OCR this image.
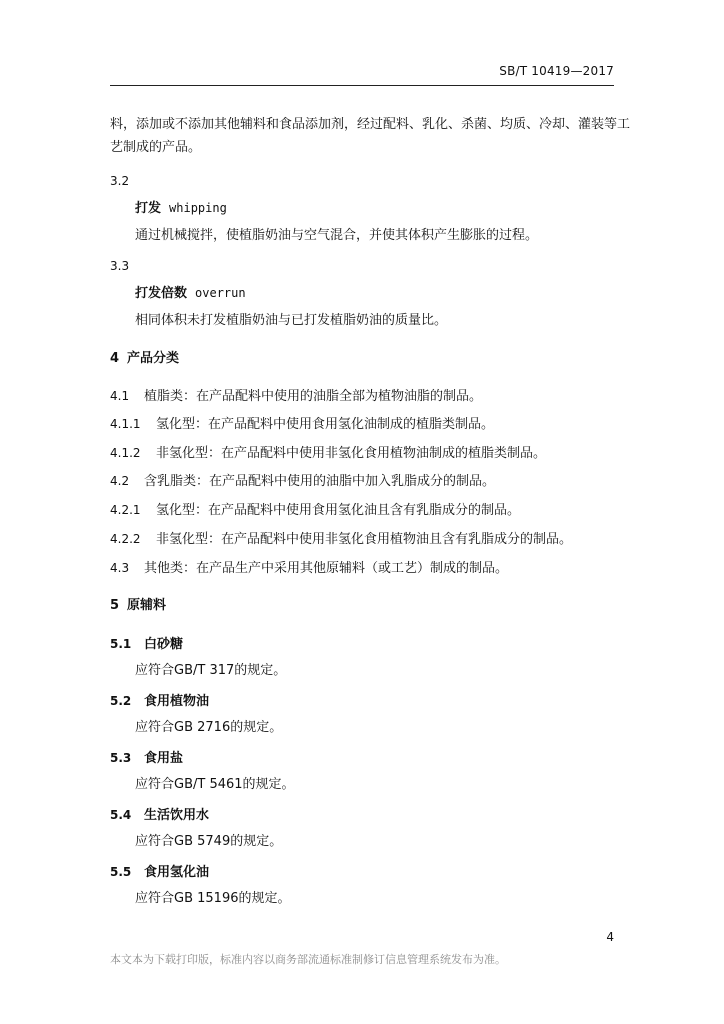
SB/T 10419—2017
料，添加或不添加其他辅料和食品添加剂，经过配料、乳化、杀菌、均质、冷却、灌装等工
艺制成的产品。
3.2
打发 whipping
通过机械搅拌，使植脂奶油与空气混合，并使其体积产生膨胀的过程。
3.3
打发倍数 overrun
相同体积未打发植脂奶油与已打发植脂奶油的质量比。
4 产品分类
4.1 植脂类：在产品配料中使用的油脂全部为植物油脂的制品。
4.1.1 氢化型：在产品配料中使用食用氢化油制成的植脂类制品。
4.1.2 非氢化型：在产品配料中使用非氢化食用植物油制成的植脂类制品。
4.2 含乳脂类：在产品配料中使用的油脂中加入乳脂成分的制品。
4.2.1 氢化型：在产品配料中使用食用氢化油且含有乳脂成分的制品。
4.2.2 非氢化型：在产品配料中使用非氢化食用植物油且含有乳脂成分的制品。
4.3 其他类：在产品生产中采用其他原辅料（或工艺）制成的制品。
5 原辅料
5.1 白砂糖
应符合GB/T 317的规定。
5.2 食用植物油
应符合GB 2716的规定。
5.3 食用盐
应符合GB/T 5461的规定。
5.4 生活饮用水
应符合GB 5749的规定。
5.5 食用氢化油
应符合GB 15196的规定。
4
本文本为下载打印版，标准内容以商务部流通标准制修订信息管理系统发布为准。
